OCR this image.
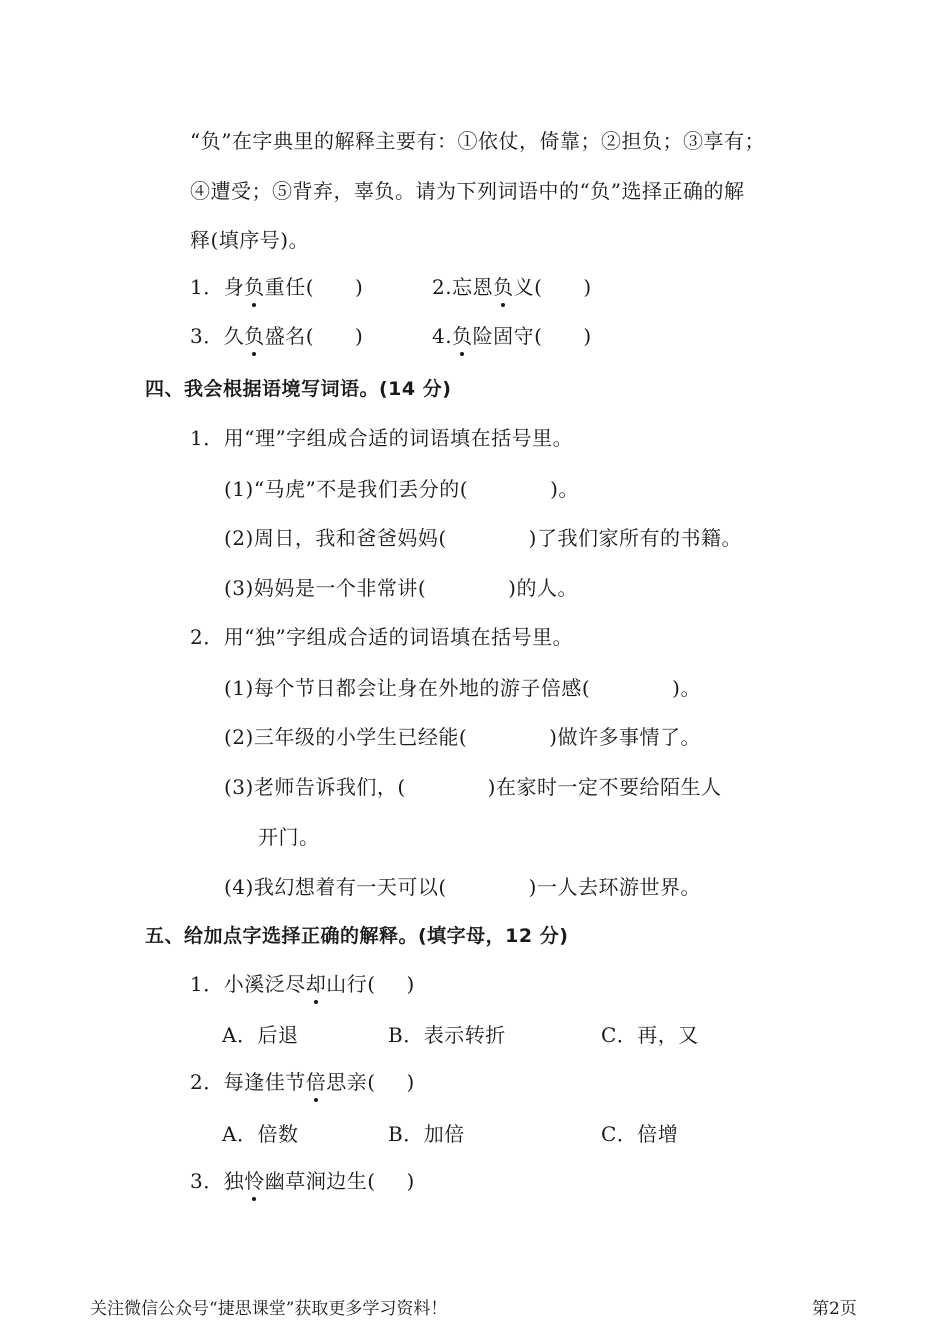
“负”在字典里的解释主要有：①依仗，倚靠；②担负；③享有；
④遭受；⑤背弃，辜负。请为下列词语中的“负”选择正确的解
释(填序号)。
1．身负重任(  )	2.忘恩负义(  )
3．久负盛名(  )	4.负险固守(  )
四、我会根据语境写词语。(14 分)
1．用“理”字组成合适的词语填在括号里。
(1)“马虎”不是我们丢分的(    )。
(2)周日，我和爸爸妈妈(    )了我们家所有的书籍。
(3)妈妈是一个非常讲(    )的人。
2．用“独”字组成合适的词语填在括号里。
(1)每个节日都会让身在外地的游子倍感(    )。
(2)三年级的小学生已经能(    )做许多事情了。
(3)老师告诉我们，(    )在家时一定不要给陌生人
开门。
(4)我幻想着有一天可以(    )一人去环游世界。
五、给加点字选择正确的解释。(填字母，12 分)
1．小溪泛尽却山行(  )
A．后退	B．表示转折	C．再，又
2．每逢佳节倍思亲(  )
A．倍数	B．加倍	C．倍增
3．独怜幽草涧边生(  )
关注微信公众号“捷思课堂”获取更多学习资料！	第2页
